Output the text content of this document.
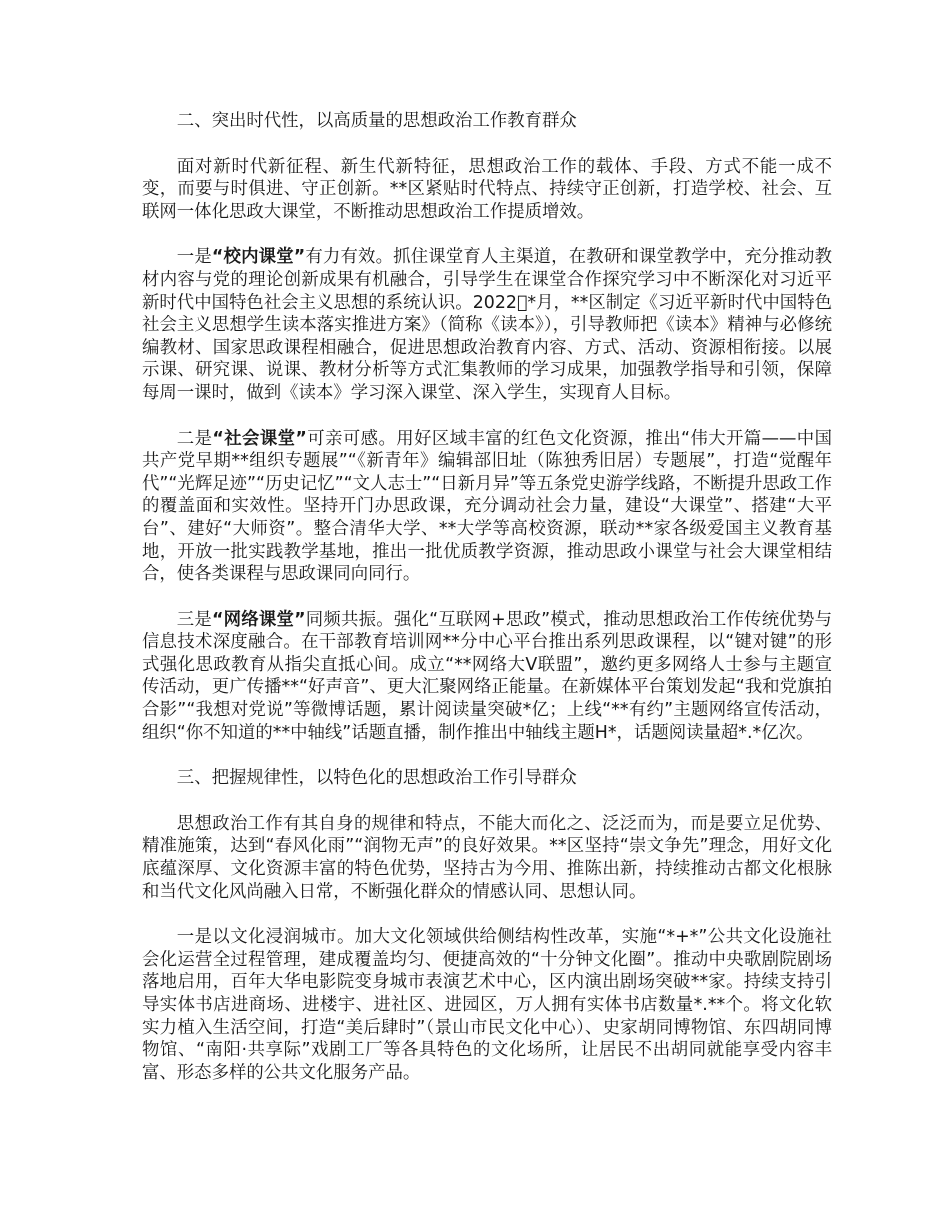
二、突出时代性，以高质量的思想政治工作教育群众

面对新时代新征程、新生代新特征，思想政治工作的载体、手段、方式不能一成不变，而要与时俱进、守正创新。**区紧贴时代特点、持续守正创新，打造学校、社会、互联网一体化思政大课堂，不断推动思想政治工作提质增效。

一是“校内课堂”有力有效。抓住课堂育人主渠道，在教研和课堂教学中，充分推动教材内容与党的理论创新成果有机融合，引导学生在课堂合作探究学习中不断深化对习近平新时代中国特色社会主义思想的系统认识。2022 *月，**区制定《习近平新时代中国特色社会主义思想学生读本落实推进方案》（简称《读本》），引导教师把《读本》精神与必修统编教材、国家思政课程相融合，促进思想政治教育内容、方式、活动、资源相衔接。以展示课、研究课、说课、教材分析等方式汇集教师的学习成果，加强教学指导和引领，保障每周一课时，做到《读本》学习深入课堂、深入学生，实现育人目标。

二是“社会课堂”可亲可感。用好区域丰富的红色文化资源，推出“伟大开篇——中国共产党早期**组织专题展”“《新青年》编辑部旧址（陈独秀旧居）专题展”，打造“觉醒年代”“光辉足迹”“历史记忆”“文人志士”“日新月异”等五条党史游学线路，不断提升思政工作的覆盖面和实效性。坚持开门办思政课，充分调动社会力量，建设“大课堂”、搭建“大平台”、建好“大师资”。整合清华大学、**大学等高校资源，联动**家各级爱国主义教育基地，开放一批实践教学基地，推出一批优质教学资源，推动思政小课堂与社会大课堂相结合，使各类课程与思政课同向同行。

三是“网络课堂”同频共振。强化“互联网+思政”模式，推动思想政治工作传统优势与信息技术深度融合。在干部教育培训网**分中心平台推出系列思政课程，以“键对键”的形式强化思政教育从指尖直抵心间。成立“**网络大V联盟”，邀约更多网络人士参与主题宣传活动，更广传播**“好声音”、更大汇聚网络正能量。在新媒体平台策划发起“我和党旗拍合影”“我想对党说”等微博话题，累计阅读量突破*亿；上线“**有约”主题网络宣传活动，组织“你不知道的**中轴线”话题直播，制作推出中轴线主题H*，话题阅读量超*.*亿次。

三、把握规律性，以特色化的思想政治工作引导群众

思想政治工作有其自身的规律和特点，不能大而化之、泛泛而为，而是要立足优势、精准施策，达到“春风化雨”“润物无声”的良好效果。**区坚持“崇文争先”理念，用好文化底蕴深厚、文化资源丰富的特色优势，坚持古为今用、推陈出新，持续推动古都文化根脉和当代文化风尚融入日常，不断强化群众的情感认同、思想认同。

一是以文化浸润城市。加大文化领域供给侧结构性改革，实施“*+*”公共文化设施社会化运营全过程管理，建成覆盖均匀、便捷高效的“十分钟文化圈”。推动中央歌剧院剧场落地启用，百年大华电影院变身城市表演艺术中心，区内演出剧场突破**家。持续支持引导实体书店进商场、进楼宇、进社区、进园区，万人拥有实体书店数量*.**个。将文化软实力植入生活空间，打造“美后肆时”（景山市民文化中心）、史家胡同博物馆、东四胡同博物馆、“南阳·共享际”戏剧工厂等各具特色的文化场所，让居民不出胡同就能享受内容丰富、形态多样的公共文化服务产品。
